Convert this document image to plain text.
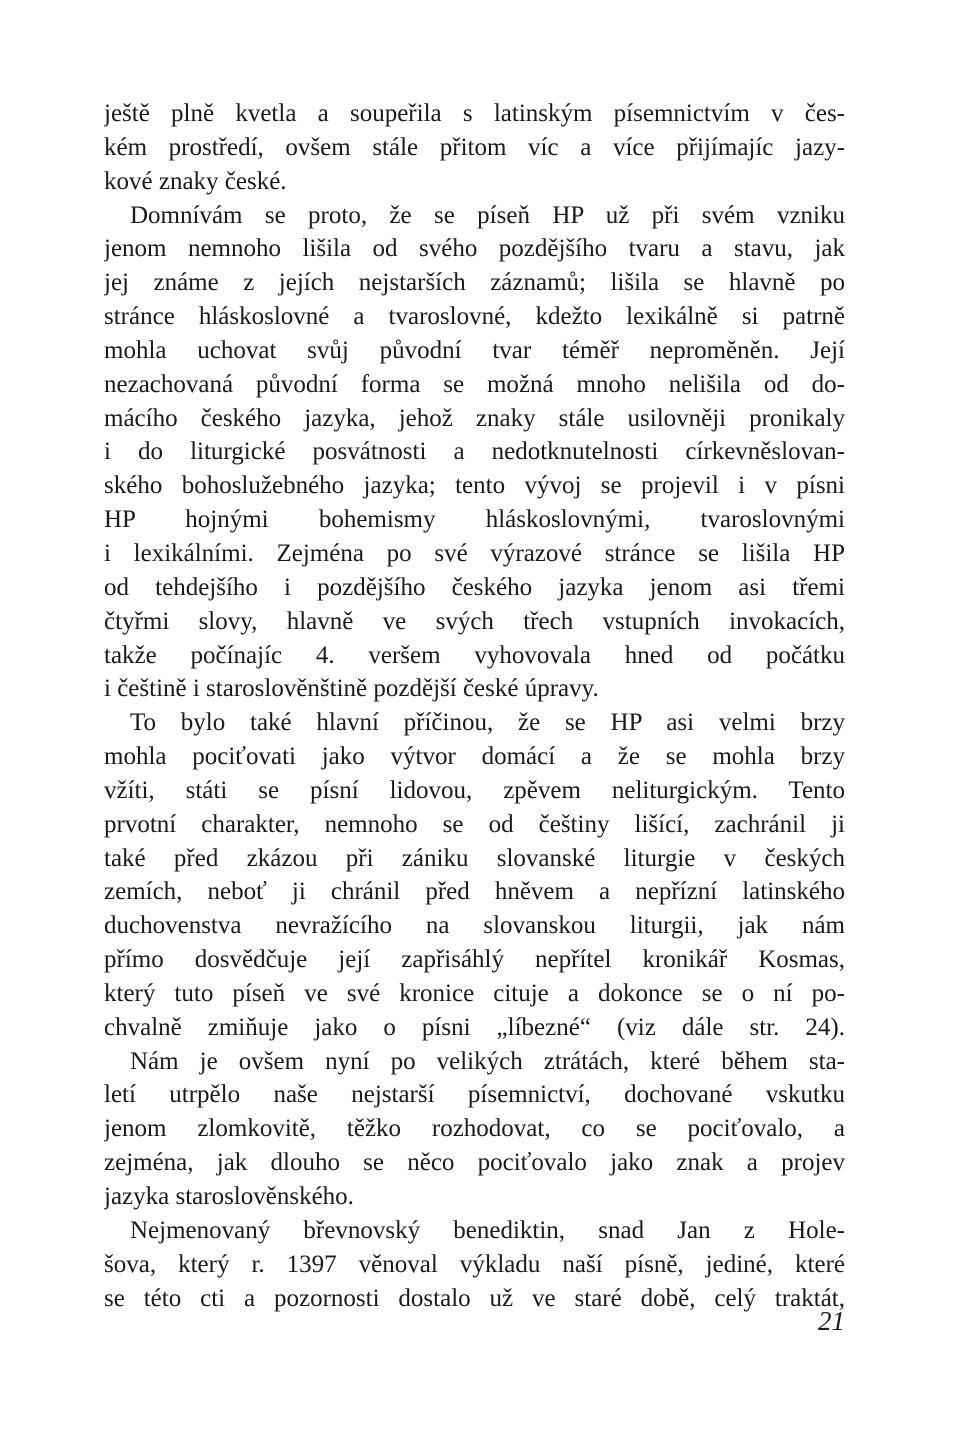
ještě plně kvetla a soupeřila s latinským písemnictvím v čes-
kém prostředí, ovšem stále přitom víc a více přijímajíc jazy-
kové znaky české.
Domnívám se proto, že se píseň HP už při svém vzniku
jenom nemnoho lišila od svého pozdějšího tvaru a stavu, jak
jej známe z jejích nejstarších záznamů; lišila se hlavně po
stránce hláskoslovné a tvaroslovné, kdežto lexikálně si patrně
mohla uchovat svůj původní tvar téměř nepromĕněn. Její
nezachovaná původní forma se možná mnoho nelišila od do-
mácího českého jazyka, jehož znaky stále usilovněji pronikaly
i do liturgické posvátnosti a nedotknutelnosti církevněslovan-
ského bohoslužebného jazyka; tento vývoj se projevil i v písni
HP hojnými bohemismy hláskoslovnými, tvaroslovnými
i lexikálními. Zejména po své výrazové stránce se lišila HP
od tehdejšího i pozdějšího českého jazyka jenom asi třemi
čtyřmi slovy, hlavně ve svých třech vstupních invokacích,
takže počínajíc 4. veršem vyhovovala hned od počátku
i češtině i staroslověnštině pozdější české úpravy.
To bylo také hlavní příčinou, že se HP asi velmi brzy
mohla pociťovati jako výtvor domácí a že se mohla brzy
vžíti, státi se písní lidovou, zpěvem neliturgickým. Tento
prvotní charakter, nemnoho se od češtiny lišící, zachránil ji
také před zkázou při zániku slovanské liturgie v českých
zemích, neboť ji chránil před hněvem a nepřízní latinského
duchovenstva nevražícího na slovanskou liturgii, jak nám
přímo dosvědčuje její zapřisáhlý nepřítel kronikář Kosmas,
který tuto píseň ve své kronice cituje a dokonce se o ní po-
chvalně zmiňuje jako o písni „líbezné“ (viz dále str. 24).
Nám je ovšem nyní po velikých ztrátách, které během sta-
letí utrpělo naše nejstarší písemnictví, dochované vskutku
jenom zlomkovitě, těžko rozhodovat, co se pociťovalo, a
zejména, jak dlouho se něco pociťovalo jako znak a projev
jazyka staroslověnského.
Nejmenovaný břevnovský benediktin, snad Jan z Hole-
šova, který r. 1397 věnoval výkladu naší písně, jediné, které
se této cti a pozornosti dostalo už ve staré době, celý traktát,
21
